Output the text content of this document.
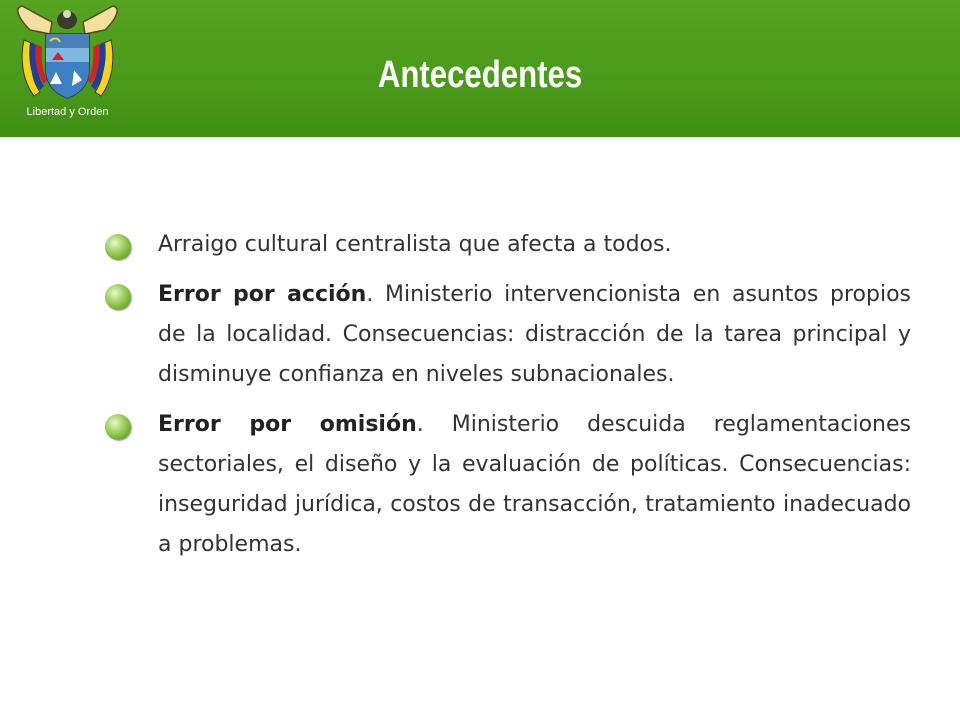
Libertad y Orden
Antecedentes
Arraigo cultural centralista que afecta a todos.
Error por acción. Ministerio intervencionista en asuntos propios de la localidad. Consecuencias: distracción de la tarea principal y disminuye confianza en niveles subnacionales.
Error por omisión. Ministerio descuida reglamentaciones sectoriales, el diseño y la evaluación de políticas. Consecuencias: inseguridad jurídica, costos de transacción, tratamiento inadecuado a problemas.
